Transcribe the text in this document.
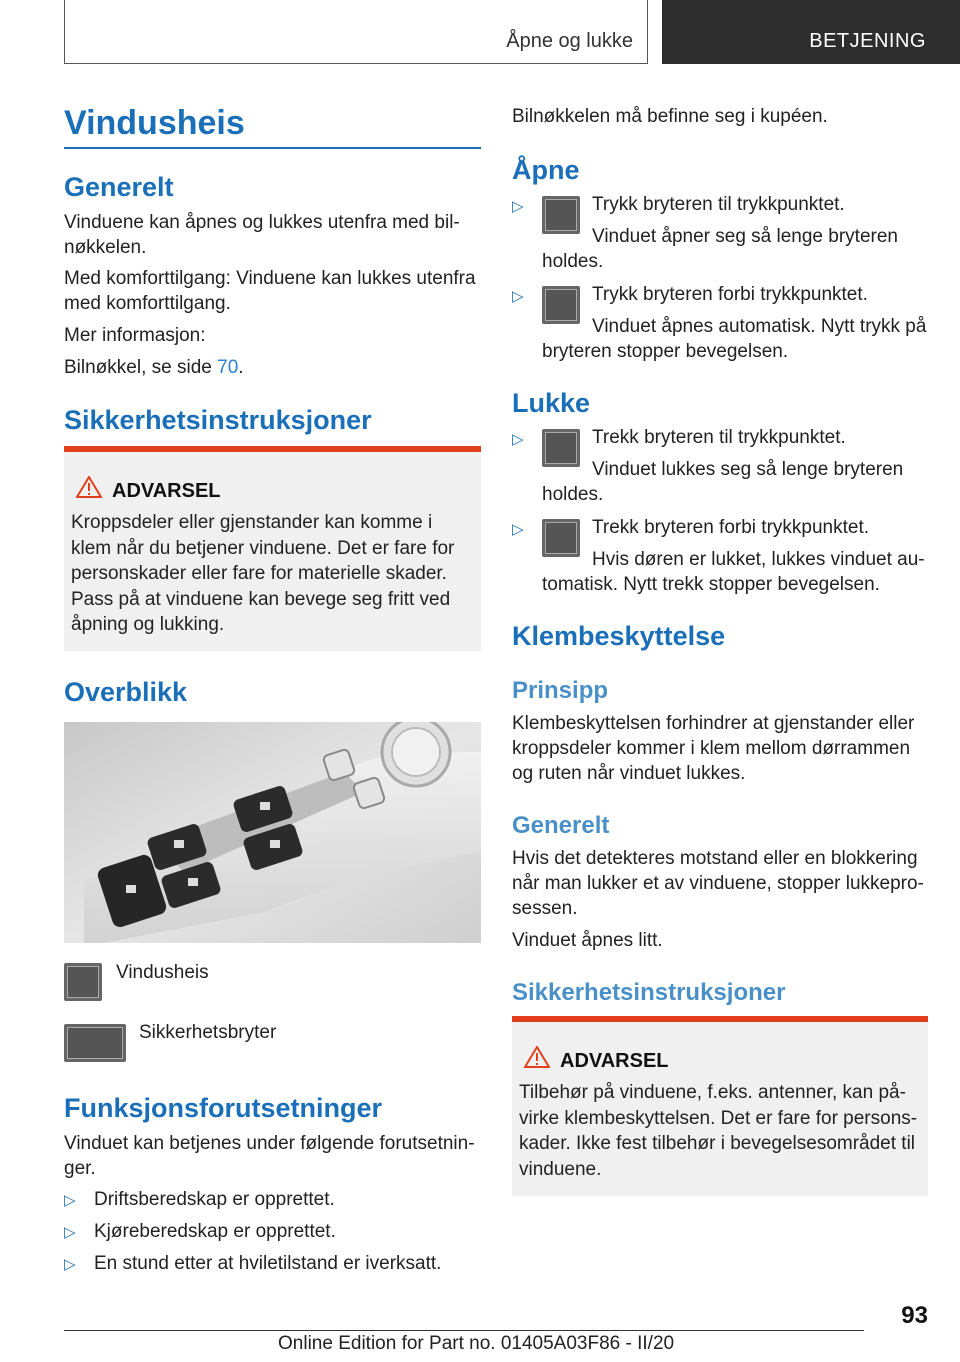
Åpne og lukke	BETJENING
Vindusheis
Generelt
Vinduene kan åpnes og lukkes utenfra med bil-
nøkkelen.
Med komforttilgang: Vinduene kan lukkes utenfra
med komforttilgang.
Mer informasjon:
Bilnøkkel, se side 70.
Sikkerhetsinstruksjoner
ADVARSEL
Kroppsdeler eller gjenstander kan komme i
klem når du betjener vinduene. Det er fare for
personskader eller fare for materielle skader.
Pass på at vinduene kan bevege seg fritt ved
åpning og lukking.
Overblikk
Vindusheis
Sikkerhetsbryter
Funksjonsforutsetninger
Vinduet kan betjenes under følgende forutsetnin-
ger.
▷ Driftsberedskap er opprettet.
▷ Kjøreberedskap er opprettet.
▷ En stund etter at hviletilstand er iverksatt.
Bilnøkkelen må befinne seg i kupéen.
Åpne
▷	Trykk bryteren til trykkpunktet.
Vinduet åpner seg så lenge bryteren
holdes.
▷	Trykk bryteren forbi trykkpunktet.
Vinduet åpnes automatisk. Nytt trykk på
bryteren stopper bevegelsen.
Lukke
▷	Trekk bryteren til trykkpunktet.
Vinduet lukkes seg så lenge bryteren
holdes.
▷	Trekk bryteren forbi trykkpunktet.
Hvis døren er lukket, lukkes vinduet au-
tomatisk. Nytt trekk stopper bevegelsen.
Klembeskyttelse
Prinsipp
Klembeskyttelsen forhindrer at gjenstander eller
kroppsdeler kommer i klem mellom dørrammen
og ruten når vinduet lukkes.
Generelt
Hvis det detekteres motstand eller en blokkering
når man lukker et av vinduene, stopper lukkepro-
sessen.
Vinduet åpnes litt.
Sikkerhetsinstruksjoner
ADVARSEL
Tilbehør på vinduene, f.eks. antenner, kan på-
virke klembeskyttelsen. Det er fare for persons-
kader. Ikke fest tilbehør i bevegelsesområdet til
vinduene.
93
Online Edition for Part no. 01405A03F86 - II/20
